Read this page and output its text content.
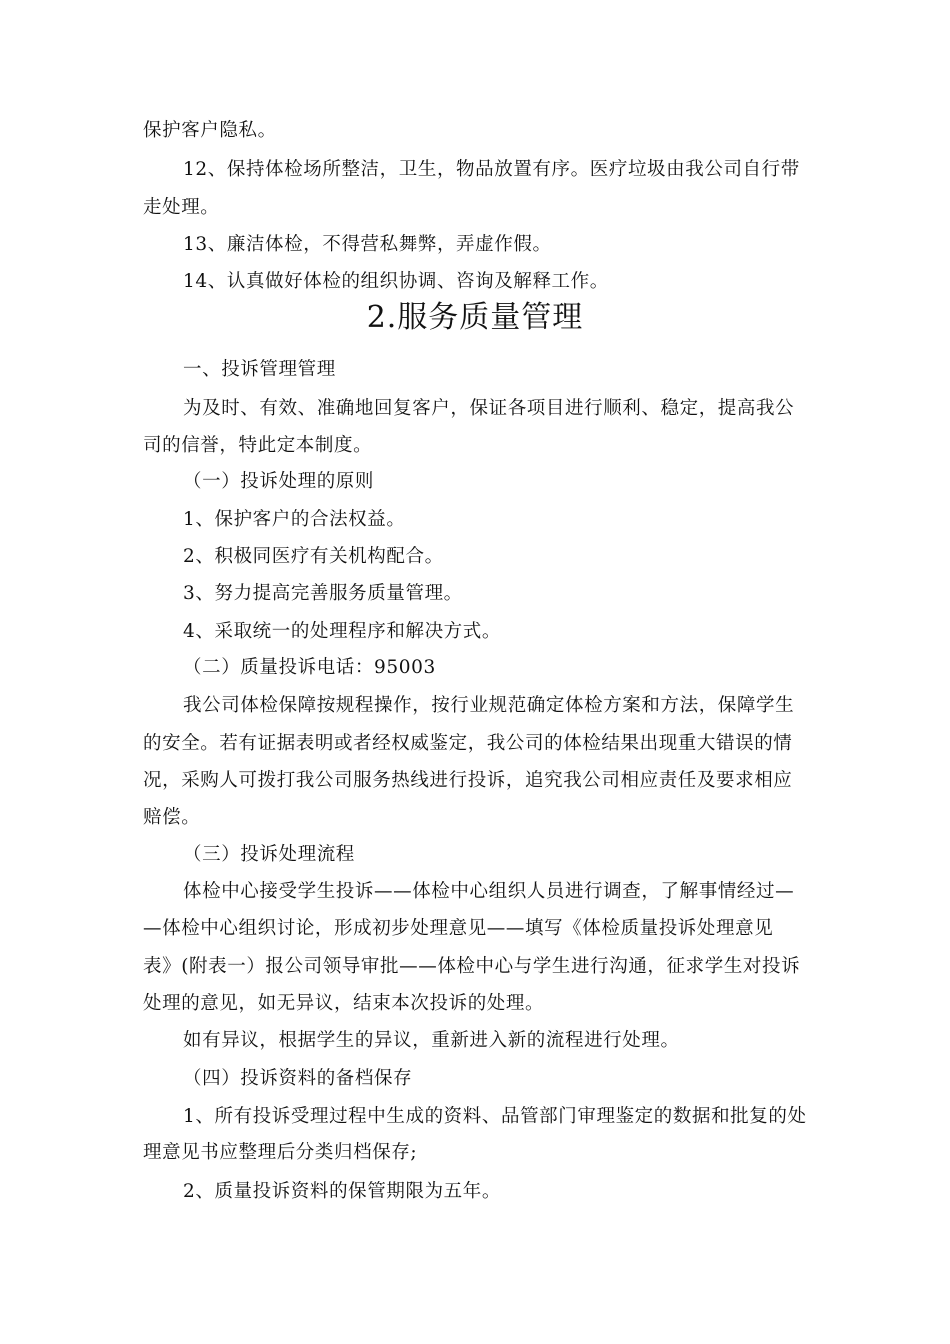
保护客户隐私。
12、保持体检场所整洁，卫生，物品放置有序。医疗垃圾由我公司自行带
走处理。
13、廉洁体检，不得营私舞弊，弄虚作假。
14、认真做好体检的组织协调、咨询及解释工作。
2.服务质量管理
一、投诉管理管理
为及时、有效、准确地回复客户，保证各项目进行顺利、稳定，提高我公
司的信誉，特此定本制度。
（一）投诉处理的原则
1、保护客户的合法权益。
2、积极同医疗有关机构配合。
3、努力提高完善服务质量管理。
4、采取统一的处理程序和解决方式。
（二）质量投诉电话：95003
我公司体检保障按规程操作，按行业规范确定体检方案和方法，保障学生
的安全。若有证据表明或者经权威鉴定，我公司的体检结果出现重大错误的情
况，采购人可拨打我公司服务热线进行投诉，追究我公司相应责任及要求相应
赔偿。
（三）投诉处理流程
体检中心接受学生投诉——体检中心组织人员进行调查，了解事情经过—
—体检中心组织讨论，形成初步处理意见——填写《体检质量投诉处理意见
表》(附表一）报公司领导审批——体检中心与学生进行沟通，征求学生对投诉
处理的意见，如无异议，结束本次投诉的处理。
如有异议，根据学生的异议，重新进入新的流程进行处理。
（四）投诉资料的备档保存
1、所有投诉受理过程中生成的资料、品管部门审理鉴定的数据和批复的处
理意见书应整理后分类归档保存;
2、质量投诉资料的保管期限为五年。
